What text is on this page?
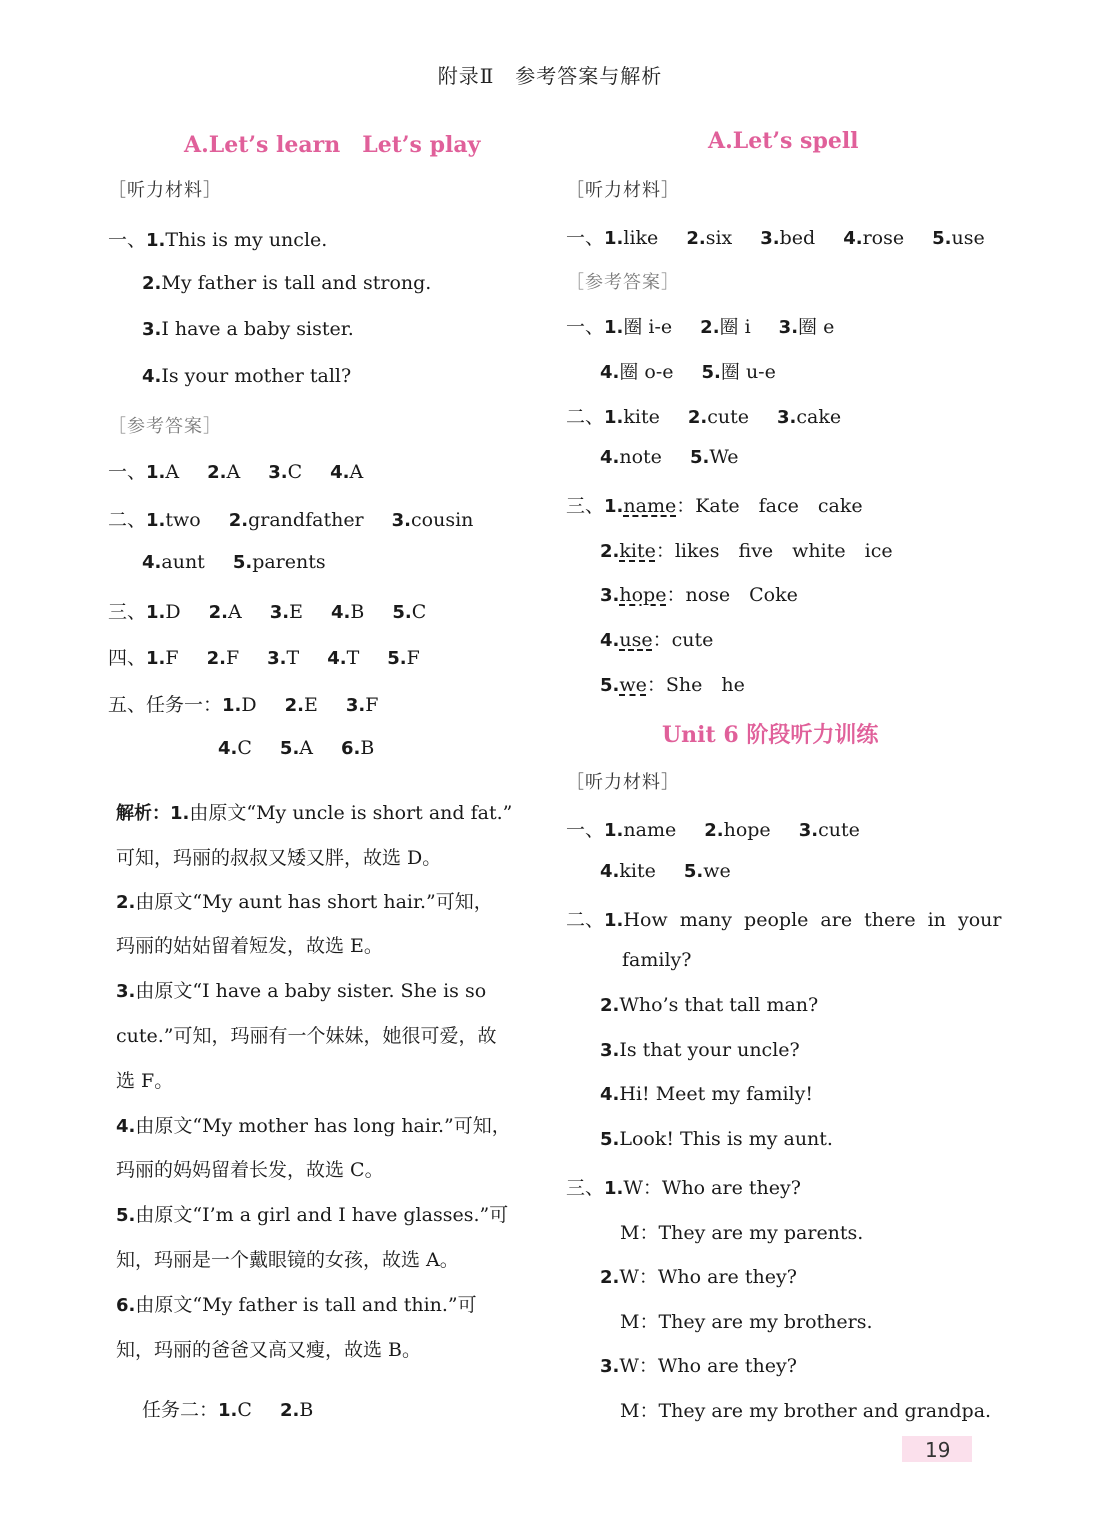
附录Ⅱ　参考答案与解析
A.Let’s learn　Let’s play
［听力材料］
一、1.This is my uncle.
2.My father is tall and strong.
3.I have a baby sister.
4.Is your mother tall?
［参考答案］
一、1.A 2.A 3.C 4.A
二、1.two 2.grandfather 3.cousin
4.aunt 5.parents
三、1.D 2.A 3.E 4.B 5.C
四、1.F 2.F 3.T 4.T 5.F
五、任务一：1.D 2.E 3.F
4.C 5.A 6.B
解析：1.由原文“My uncle is short and fat.”
可知，玛丽的叔叔又矮又胖，故选 D。
2.由原文“My aunt has short hair.”可知，
玛丽的姑姑留着短发，故选 E。
3.由原文“I have a baby sister. She is so
cute.”可知，玛丽有一个妹妹，她很可爱，故
选 F。
4.由原文“My mother has long hair.”可知，
玛丽的妈妈留着长发，故选 C。
5.由原文“I’m a girl and I have glasses.”可
知，玛丽是一个戴眼镜的女孩，故选 A。
6.由原文“My father is tall and thin.”可
知，玛丽的爸爸又高又瘦，故选 B。
任务二：1.C 2.B
A.Let’s spell
［听力材料］
一、1.like 2.six 3.bed 4.rose 5.use
［参考答案］
一、1.圈 i-e 2.圈 i 3.圈 e
4.圈 o-e 5.圈 u-e
二、1.kite 2.cute 3.cake
4.note 5.We
三、1.name：Kate　face　cake
2.kite：likes　five　white　ice
3.hope：nose　Coke
4.use：cute
5.we：She　he
Unit 6 阶段听力训练
［听力材料］
一、1.name 2.hope 3.cute
4.kite 5.we
二、1.How many people are there in your
family?
2.Who’s that tall man?
3.Is that your uncle?
4.Hi! Meet my family!
5.Look! This is my aunt.
三、1.W：Who are they?
M：They are my parents.
2.W：Who are they?
M：They are my brothers.
3.W：Who are they?
M：They are my brother and grandpa.
19
